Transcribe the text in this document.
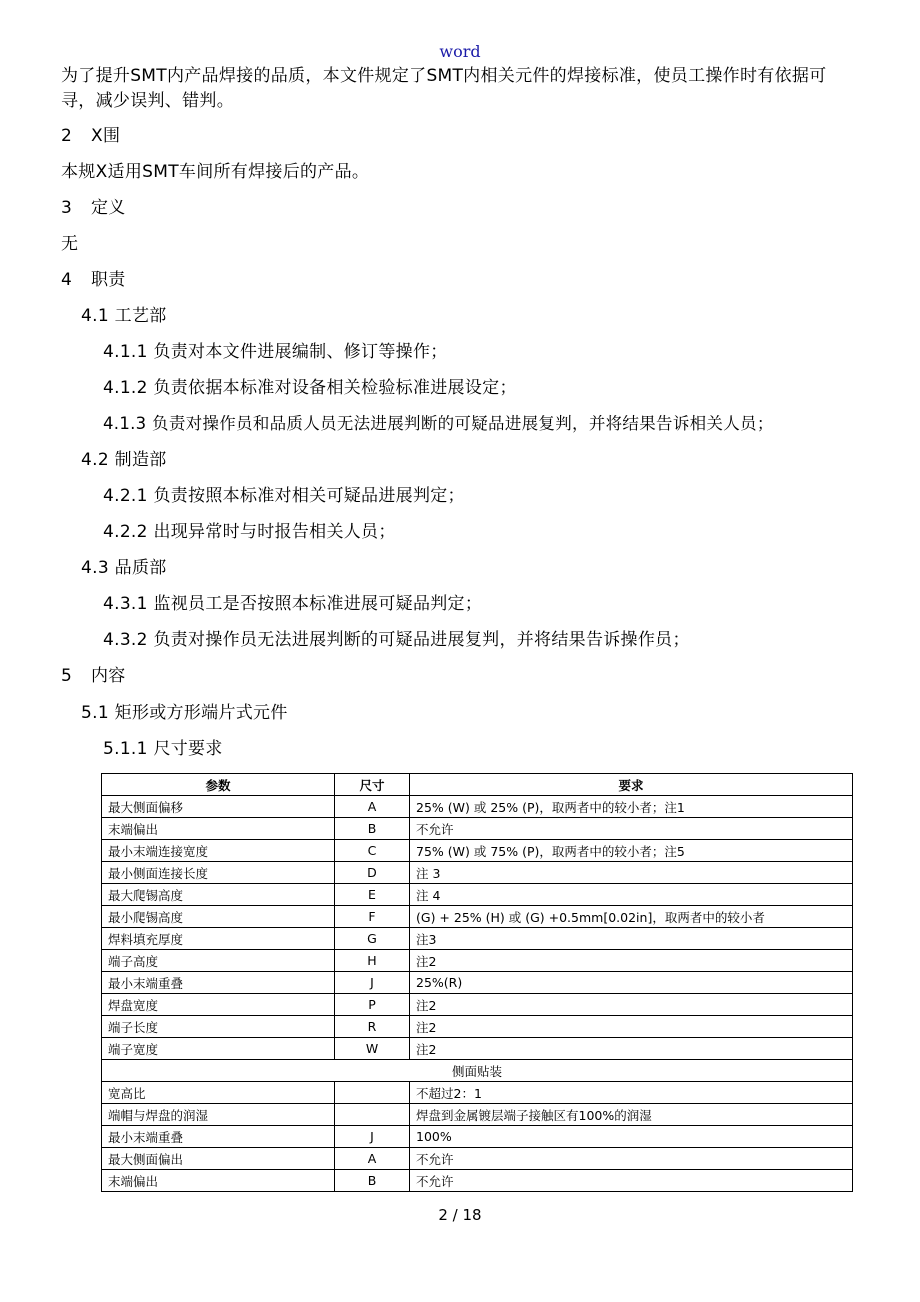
word
为了提升SMT内产品焊接的品质，本文件规定了SMT内相关元件的焊接标准，使员工操作时有依据可寻，减少误判、错判。
2 X围
本规X适用SMT车间所有焊接后的产品。
3 定义
无
4 职责
4.1 工艺部
4.1.1 负责对本文件进展编制、修订等操作；
4.1.2 负责依据本标准对设备相关检验标准进展设定；
4.1.3 负责对操作员和品质人员无法进展判断的可疑品进展复判，并将结果告诉相关人员；
4.2 制造部
4.2.1 负责按照本标准对相关可疑品进展判定；
4.2.2 出现异常时与时报告相关人员；
4.3 品质部
4.3.1 监视员工是否按照本标准进展可疑品判定；
4.3.2 负责对操作员无法进展判断的可疑品进展复判，并将结果告诉操作员；
5 内容
5.1 矩形或方形端片式元件
5.1.1 尺寸要求
参数	尺寸	要求
最大侧面偏移	A	25% (W) 或 25% (P)，取两者中的较小者；注1
末端偏出	B	不允许
最小末端连接宽度	C	75% (W) 或 75% (P)，取两者中的较小者；注5
最小侧面连接长度	D	注 3
最大爬锡高度	E	注 4
最小爬锡高度	F	(G) + 25% (H) 或 (G) +0.5mm[0.02in]，取两者中的较小者
焊料填充厚度	G	注3
端子高度	H	注2
最小末端重叠	J	25%(R)
焊盘宽度	P	注2
端子长度	R	注2
端子宽度	W	注2
侧面贴装		
宽高比		不超过2：1
端帽与焊盘的润湿		焊盘到金属镀层端子接触区有100%的润湿
最小末端重叠	J	100%
最大侧面偏出	A	不允许
末端偏出	B	不允许
2 / 18
